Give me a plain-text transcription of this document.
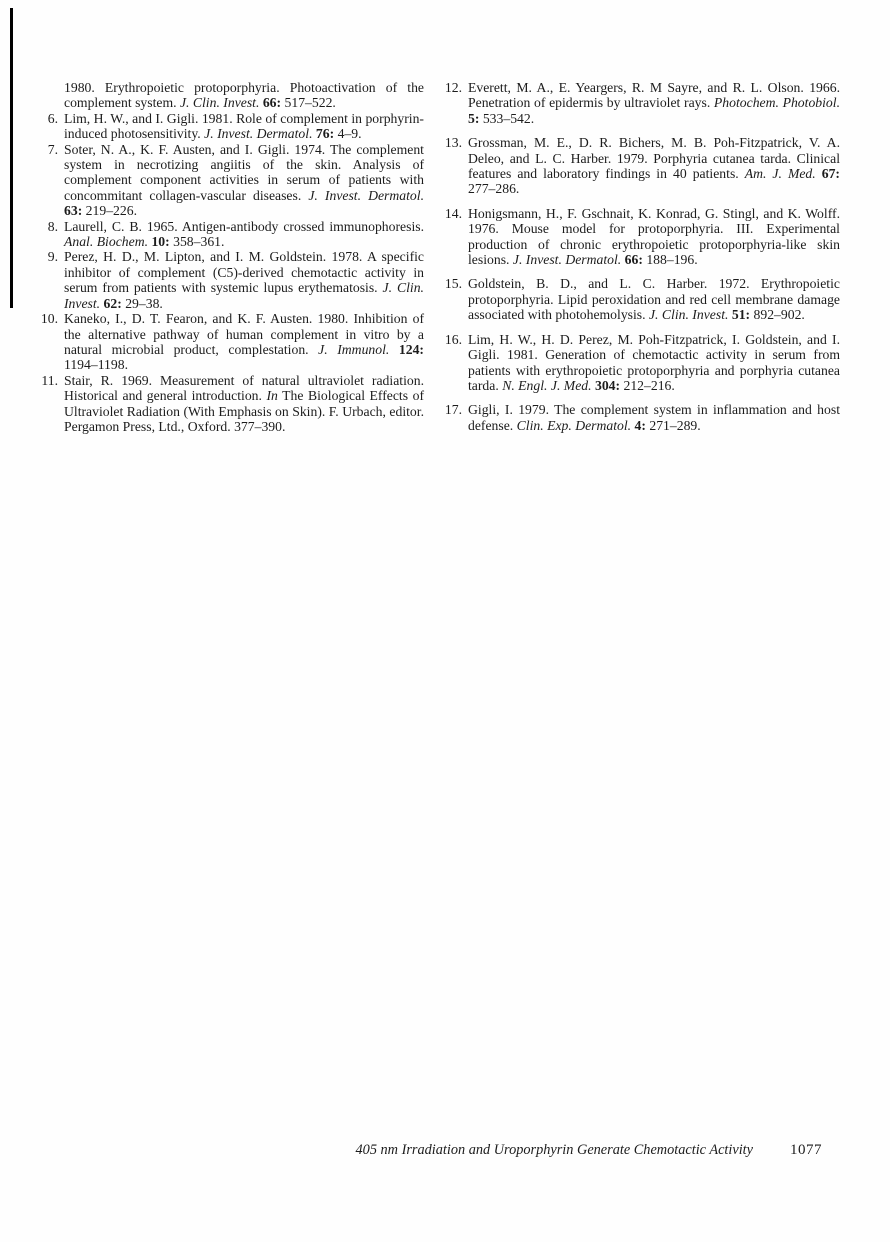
1980. Erythropoietic protoporphyria. Photoactivation of the complement system. J. Clin. Invest. 66: 517–522.
6. Lim, H. W., and I. Gigli. 1981. Role of complement in porphyrin-induced photosensitivity. J. Invest. Dermatol. 76: 4–9.
7. Soter, N. A., K. F. Austen, and I. Gigli. 1974. The complement system in necrotizing angiitis of the skin. Analysis of complement component activities in serum of patients with concommitant collagen-vascular diseases. J. Invest. Dermatol. 63: 219–226.
8. Laurell, C. B. 1965. Antigen-antibody crossed immunophoresis. Anal. Biochem. 10: 358–361.
9. Perez, H. D., M. Lipton, and I. M. Goldstein. 1978. A specific inhibitor of complement (C5)-derived chemotactic activity in serum from patients with systemic lupus erythematosis. J. Clin. Invest. 62: 29–38.
10. Kaneko, I., D. T. Fearon, and K. F. Austen. 1980. Inhibition of the alternative pathway of human complement in vitro by a natural microbial product, complestation. J. Immunol. 124: 1194–1198.
11. Stair, R. 1969. Measurement of natural ultraviolet radiation. Historical and general introduction. In The Biological Effects of Ultraviolet Radiation (With Emphasis on Skin). F. Urbach, editor. Pergamon Press, Ltd., Oxford. 377–390.
12. Everett, M. A., E. Yeargers, R. M Sayre, and R. L. Olson. 1966. Penetration of epidermis by ultraviolet rays. Photochem. Photobiol. 5: 533–542.
13. Grossman, M. E., D. R. Bichers, M. B. Poh-Fitzpatrick, V. A. Deleo, and L. C. Harber. 1979. Porphyria cutanea tarda. Clinical features and laboratory findings in 40 patients. Am. J. Med. 67: 277–286.
14. Honigsmann, H., F. Gschnait, K. Konrad, G. Stingl, and K. Wolff. 1976. Mouse model for protoporphyria. III. Experimental production of chronic erythropoietic protoporphyria-like skin lesions. J. Invest. Dermatol. 66: 188–196.
15. Goldstein, B. D., and L. C. Harber. 1972. Erythropoietic protoporphyria. Lipid peroxidation and red cell membrane damage associated with photohemolysis. J. Clin. Invest. 51: 892–902.
16. Lim, H. W., H. D. Perez, M. Poh-Fitzpatrick, I. Goldstein, and I. Gigli. 1981. Generation of chemotactic activity in serum from patients with erythropoietic protoporphyria and porphyria cutanea tarda. N. Engl. J. Med. 304: 212–216.
17. Gigli, I. 1979. The complement system in inflammation and host defense. Clin. Exp. Dermatol. 4: 271–289.
405 nm Irradiation and Uroporphyrin Generate Chemotactic Activity 1077
